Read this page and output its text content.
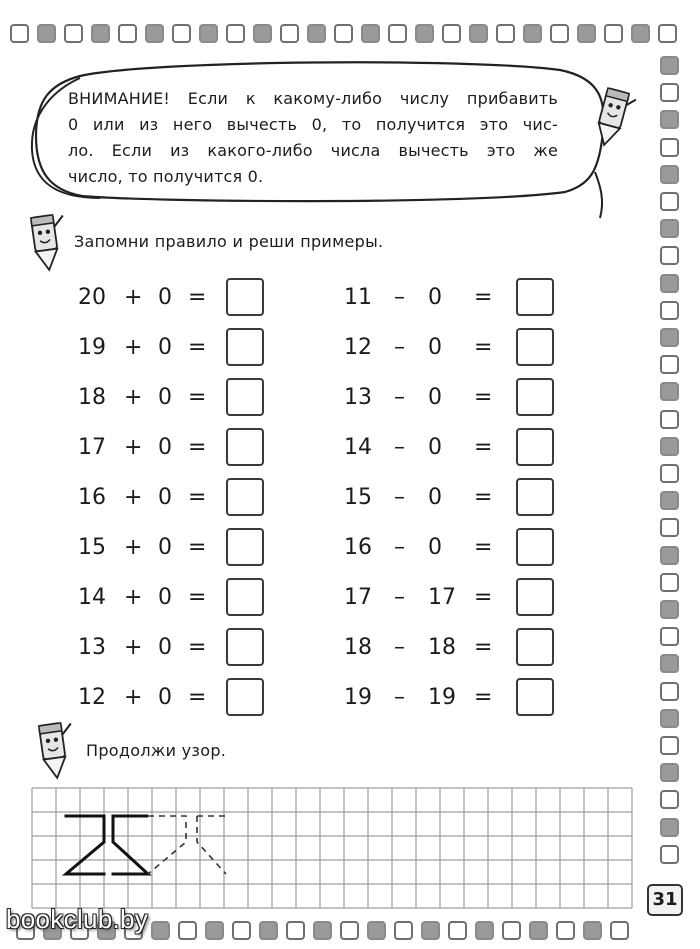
ВНИМАНИЕ! Если к какому-либо числу прибавить
0 или из него вычесть 0, то получится это чис-
ло. Если из какого-либо числа вычесть это же
число, то получится 0.
Запомни правило и реши примеры.
20 + 0 =
19 + 0 =
18 + 0 =
17 + 0 =
16 + 0 =
15 + 0 =
14 + 0 =
13 + 0 =
12 + 0 =
11 – 0 =
12 – 0 =
13 – 0 =
14 – 0 =
15 – 0 =
16 – 0 =
17 – 17 =
18 – 18 =
19 – 19 =
Продолжи узор.
31
bookclub.by
